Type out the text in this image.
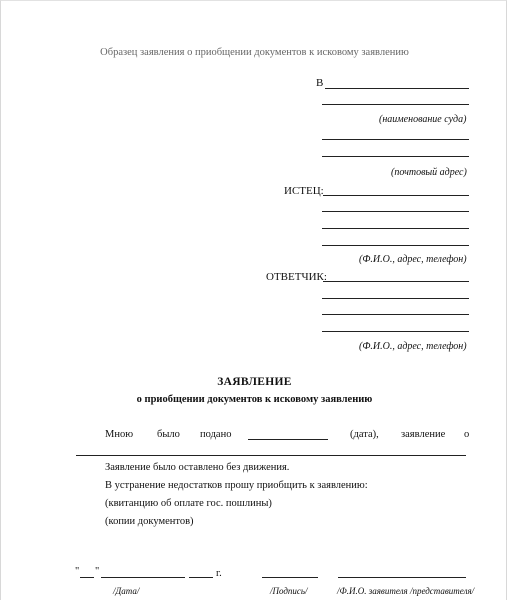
Образец заявления о приобщении документов к исковому заявлению
В
(наименование суда)
(почтовый адрес)
ИСТЕЦ:
(Ф.И.О., адрес, телефон)
ОТВЕТЧИК:
(Ф.И.О., адрес, телефон)
ЗАЯВЛЕНИЕ
о приобщении документов к исковому заявлению
Мною было подано	(дата), заявление о
Заявление было оставлено без движения.
В устранение недостатков прошу приобщить к заявлению:
(квитанцию об оплате гос. пошлины)
(копии документов)
" "	г.
/Дата/	/Подпись/	/Ф.И.О. заявителя /представителя/
